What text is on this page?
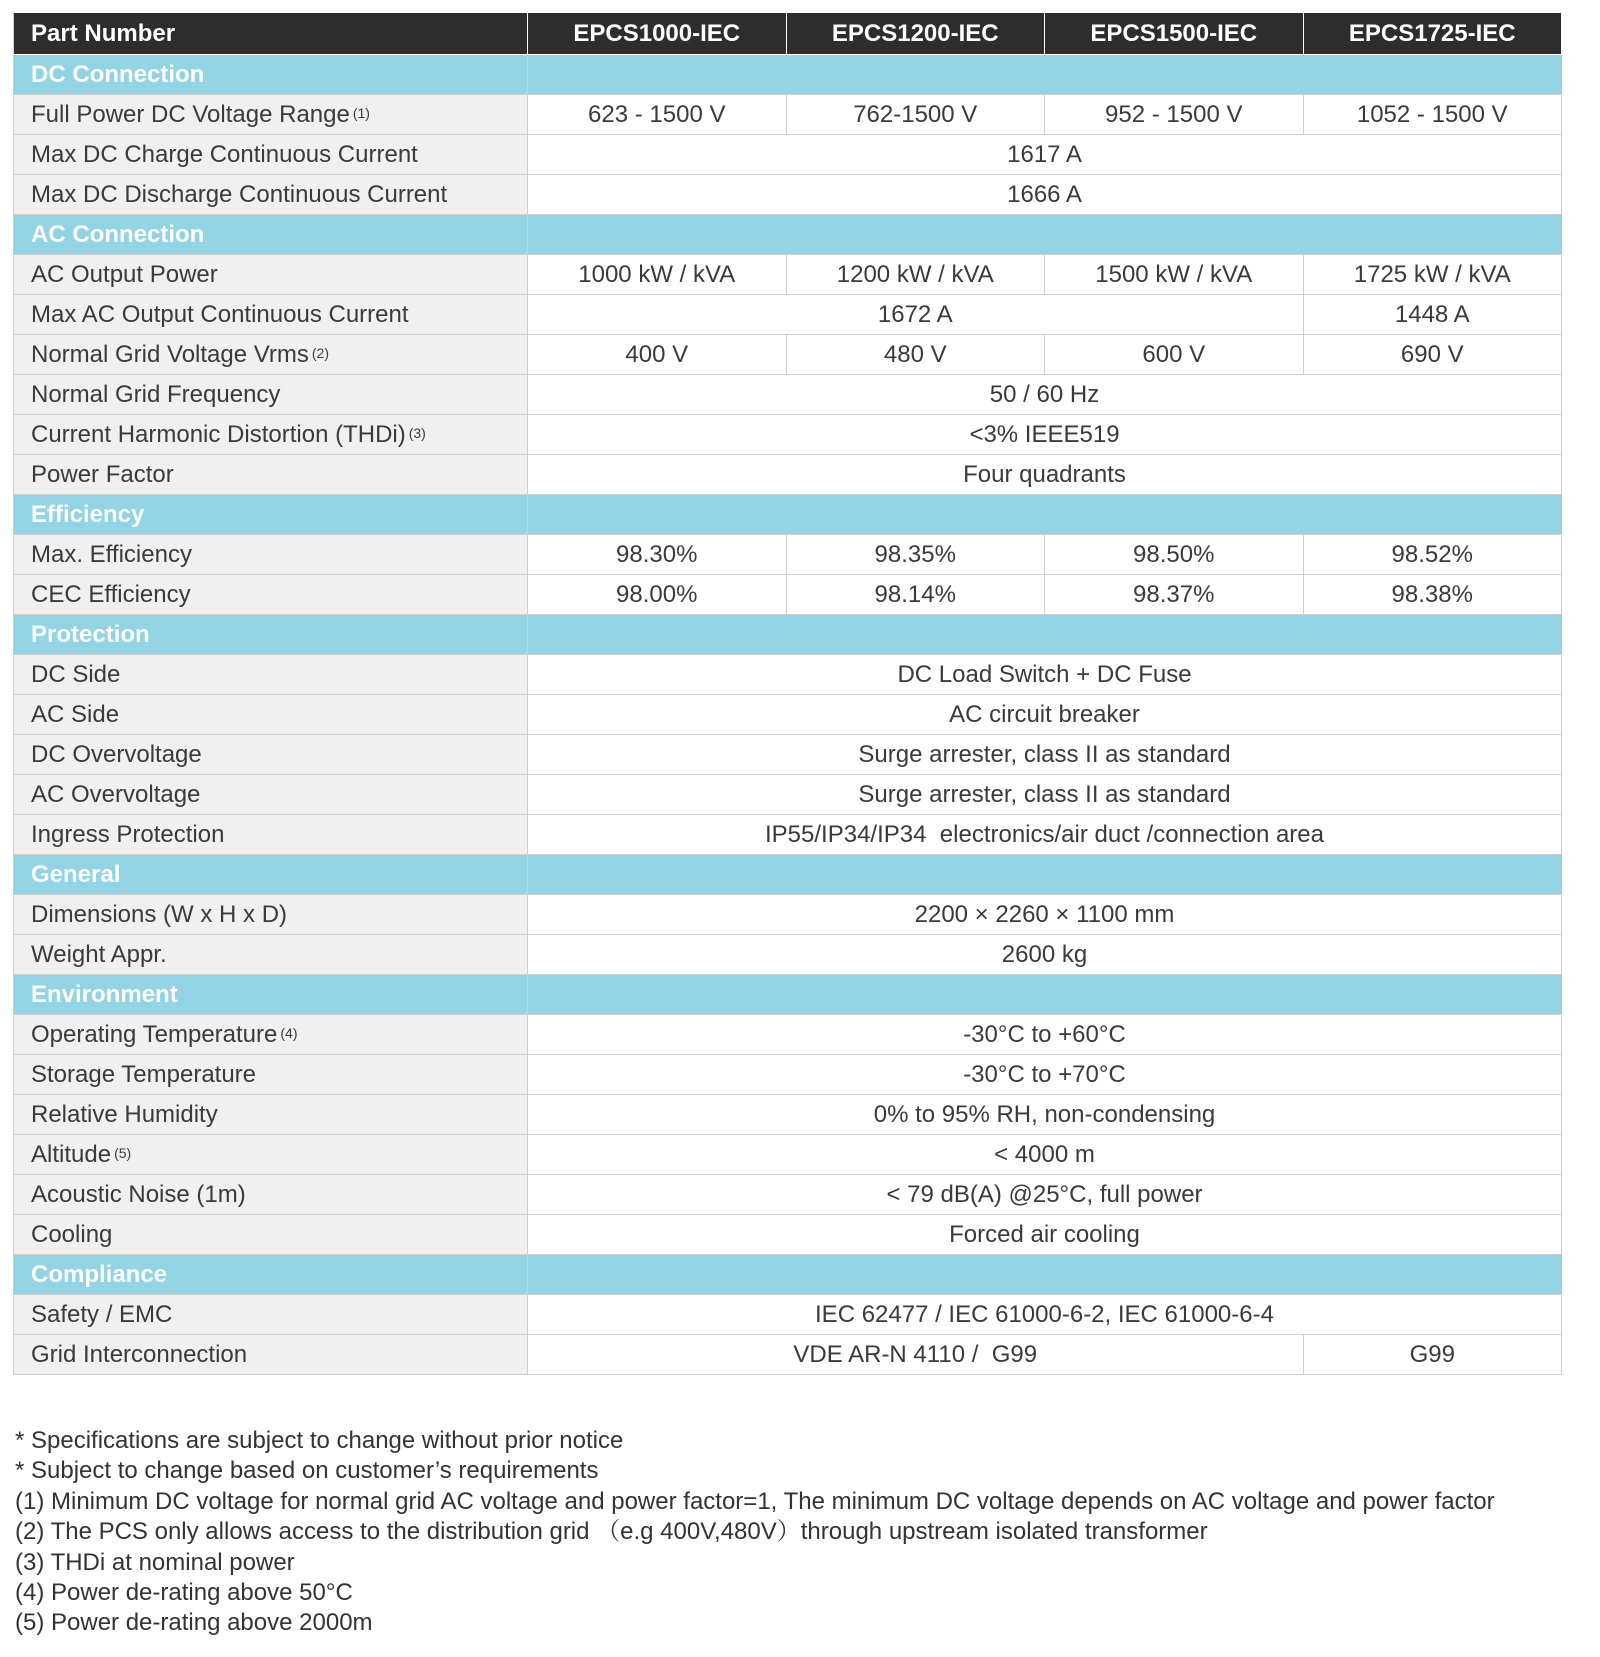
Part Number	EPCS1000-IEC	EPCS1200-IEC	EPCS1500-IEC	EPCS1725-IEC
DC Connection				
Full Power DC Voltage Range $^{(1)}$	623 - 1500 V	762-1500 V	952 - 1500 V	1052 - 1500 V
Max DC Charge Continuous Current	1617 A			
Max DC Discharge Continuous Current	1666 A			
AC Connection				
AC Output Power	1000 kW / kVA	1200 kW / kVA	1500 kW / kVA	1725 kW / kVA
Max AC Output Continuous Current	1672 A			1448 A
Normal Grid Voltage Vrms $^{(2)}$	400 V	480 V	600 V	690 V
Normal Grid Frequency	50 / 60 Hz			
Current Harmonic Distortion (THDi) $^{(3)}$	<3% IEEE519			
Power Factor	Four quadrants			
Efficiency				
Max. Efficiency	98.30%	98.35%	98.50%	98.52%
CEC Efficiency	98.00%	98.14%	98.37%	98.38%
Protection				
DC Side	DC Load Switch + DC Fuse			
AC Side	AC circuit breaker			
DC Overvoltage	Surge arrester, class II as standard			
AC Overvoltage	Surge arrester, class II as standard			
Ingress Protection	IP55/IP34/IP34  electronics/air duct /connection area			
General				
Dimensions (W x H x D)	2200 × 2260 × 1100 mm			
Weight Appr.	2600 kg			
Environment				
Operating Temperature $^{(4)}$	-30°C to +60°C			
Storage Temperature	-30°C to +70°C			
Relative Humidity	0% to 95% RH, non-condensing			
Altitude $^{(5)}$	< 4000 m			
Acoustic Noise (1m)	< 79 dB(A) @25°C, full power			
Cooling	Forced air cooling			
Compliance				
Safety / EMC	IEC 62477 / IEC 61000-6-2, IEC 61000-6-4			
Grid Interconnection	VDE AR-N 4110 /  G99			G99
* Specifications are subject to change without prior notice
* Subject to change based on customer’s requirements
(1) Minimum DC voltage for normal grid AC voltage and power factor=1, The minimum DC voltage depends on AC voltage and power factor
(2) The PCS only allows access to the distribution grid （e.g 400V,480V）through upstream isolated transformer
(3) THDi at nominal power
(4) Power de-rating above 50°C
(5) Power de-rating above 2000m
